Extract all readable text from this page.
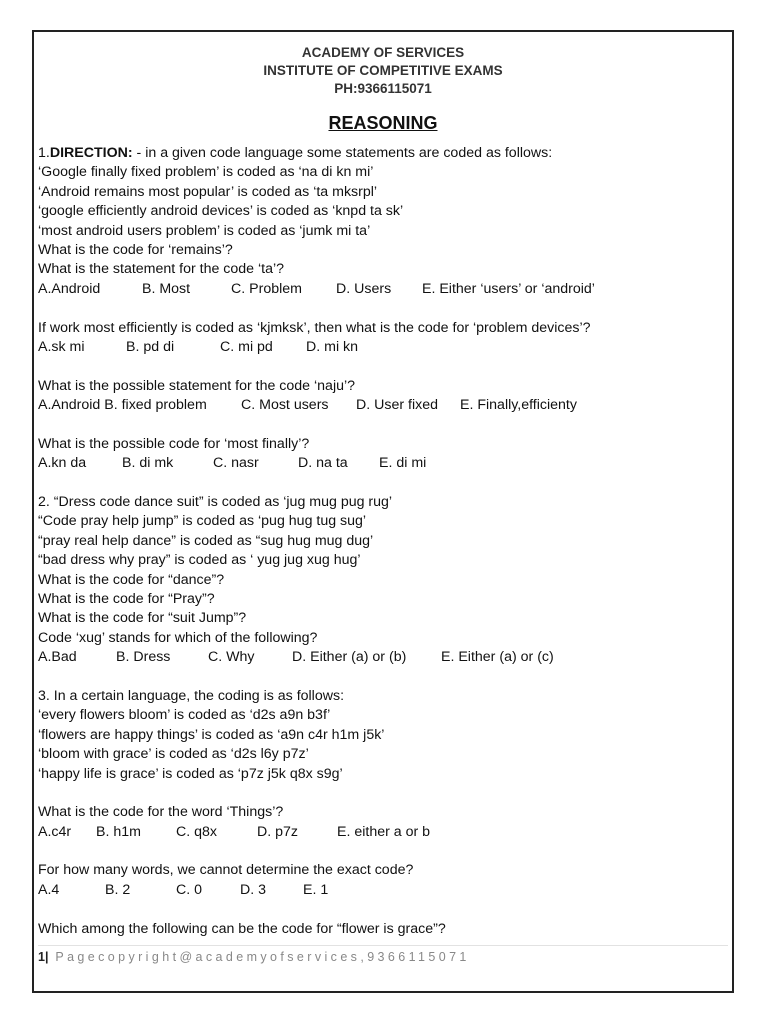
ACADEMY OF SERVICES
INSTITUTE OF COMPETITIVE EXAMS
PH:9366115071
REASONING
1.DIRECTION: - in a given code language some statements are coded as follows:
‘Google finally fixed problem’ is coded as ‘na di kn mi’
‘Android remains most popular’ is coded as ‘ta mksrpl’
‘google efficiently android devices’ is coded as ‘knpd ta sk’
‘most android users problem’ is coded as ‘jumk mi ta’
What is the code for ‘remains’?
What is the statement for the code ‘ta’?
A.Android	B. Most	C. Problem	D. Users	E. Either ‘users’ or ‘android’
If work most efficiently is coded as ‘kjmksk’, then what is the code for ‘problem devices’?
A.sk mi	B. pd di	C. mi pd	D. mi kn
What is the possible statement for the code ‘naju’?
A.Android B. fixed problem	C. Most users	D. User fixed	E. Finally,efficienty
What is the possible code for ‘most finally’?
A.kn da	B. di mk	C. nasr	D. na ta	E. di mi
2. “Dress code dance suit” is coded as ‘jug mug pug rug’
“Code pray help jump” is coded as ‘pug hug tug sug’
“pray real help dance” is coded as “sug hug mug dug’
“bad dress why pray” is coded as ‘ yug jug xug hug’
What is the code for “dance”?
What is the code for “Pray”?
What is the code for “suit Jump”?
Code ‘xug’ stands for which of the following?
A.Bad	B. Dress	C. Why	D. Either (a) or (b)	E. Either (a) or (c)
3. In a certain language, the coding is as follows:
‘every flowers bloom’ is coded as ‘d2s a9n b3f’
‘flowers are happy things’ is coded as ‘a9n c4r h1m j5k’
‘bloom with grace’ is coded as ‘d2s l6y p7z’
‘happy life is grace’ is coded as ‘p7z j5k q8x s9g’
What is the code for the word ‘Things’?
A.c4r	B. h1m	C. q8x	D. p7z	E. either a or b
For how many words, we cannot determine the exact code?
A.4	B. 2	C. 0	D. 3	E. 1
Which among the following can be the code for “flower is grace”?
1| Pagecopyright@academyofservices,9366115071
